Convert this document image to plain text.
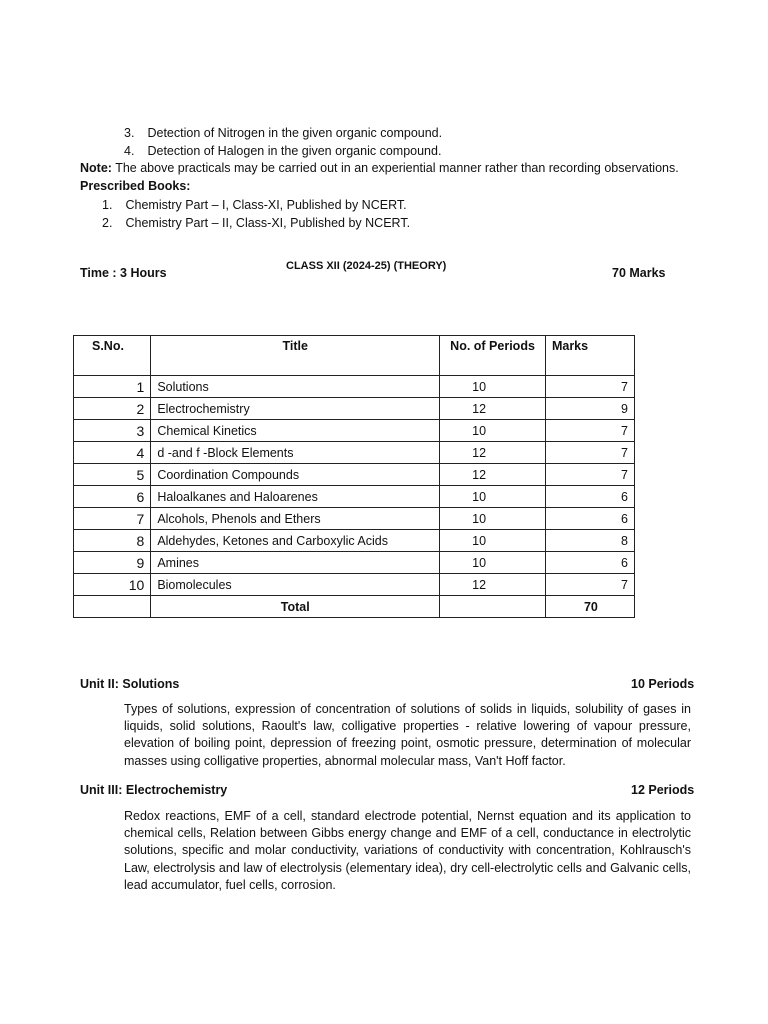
3. Detection of Nitrogen in the given organic compound.
4. Detection of Halogen in the given organic compound.
Note: The above practicals may be carried out in an experiential manner rather than recording observations.
Prescribed Books:
1. Chemistry Part – I, Class-XI, Published by NCERT.
2. Chemistry Part – II, Class-XI, Published by NCERT.
Time : 3 Hours	CLASS XII (2024-25) (THEORY)	70 Marks
S.No.	Title	No. of Periods	Marks
1	Solutions	10	7
2	Electrochemistry	12	9
3	Chemical Kinetics	10	7
4	d -and f -Block Elements	12	7
5	Coordination Compounds	12	7
6	Haloalkanes and Haloarenes	10	6
7	Alcohols, Phenols and Ethers	10	6
8	Aldehydes, Ketones and Carboxylic Acids	10	8
9	Amines	10	6
10	Biomolecules	12	7
	Total		70
Unit II: Solutions	10 Periods
Types of solutions, expression of concentration of solutions of solids in liquids, solubility of gases in liquids, solid solutions, Raoult's law, colligative properties - relative lowering of vapour pressure, elevation of boiling point, depression of freezing point, osmotic pressure, determination of molecular masses using colligative properties, abnormal molecular mass, Van't Hoff factor.
Unit III: Electrochemistry	12 Periods
Redox reactions, EMF of a cell, standard electrode potential, Nernst equation and its application to chemical cells, Relation between Gibbs energy change and EMF of a cell, conductance in electrolytic solutions, specific and molar conductivity, variations of conductivity with concentration, Kohlrausch's Law, electrolysis and law of electrolysis (elementary idea), dry cell-electrolytic cells and Galvanic cells, lead accumulator, fuel cells, corrosion.
